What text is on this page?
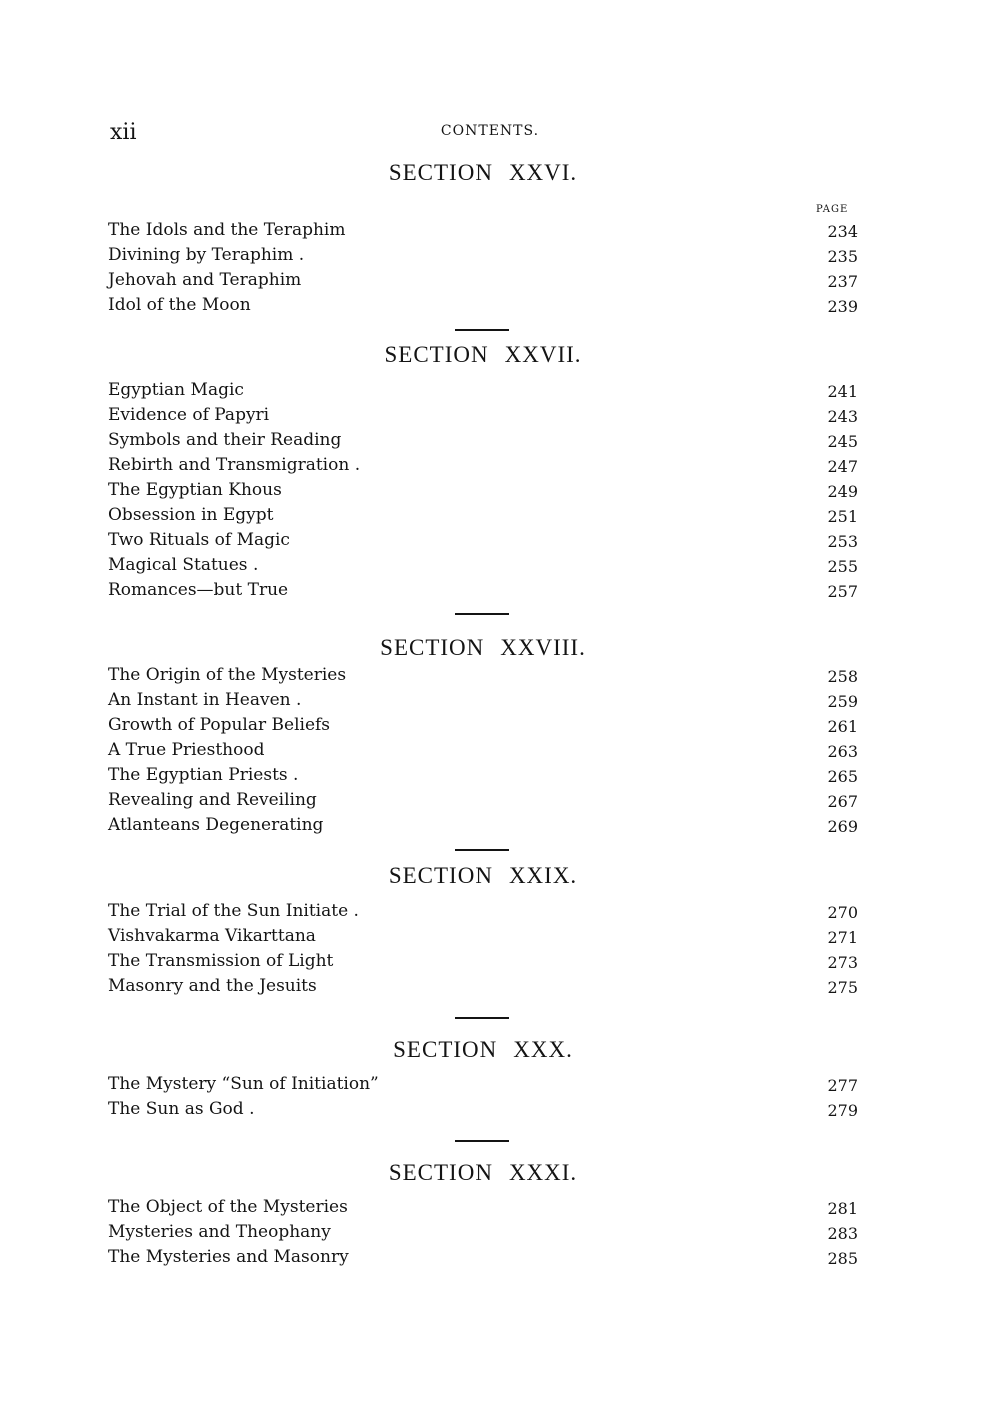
xii	CONTENTS.
PAGE
SECTION XXVI.
The Idols and the Teraphim	234
Divining by Teraphim .	235
Jehovah and Teraphim	237
Idol of the Moon	239
SECTION XXVII.
Egyptian Magic	241
Evidence of Papyri	243
Symbols and their Reading	245
Rebirth and Transmigration .	247
The Egyptian Khous	249
Obsession in Egypt	251
Two Rituals of Magic	253
Magical Statues .	255
Romances—but True	257
SECTION XXVIII.
The Origin of the Mysteries	258
An Instant in Heaven .	259
Growth of Popular Beliefs	261
A True Priesthood	263
The Egyptian Priests .	265
Revealing and Reveiling	267
Atlanteans Degenerating	269
SECTION XXIX.
The Trial of the Sun Initiate .	270
Vishvakarma Vikarttana	271
The Transmission of Light	273
Masonry and the Jesuits	275
SECTION XXX.
The Mystery “Sun of Initiation”	277
The Sun as God .	279
SECTION XXXI.
The Object of the Mysteries	281
Mysteries and Theophany	283
The Mysteries and Masonry	285
